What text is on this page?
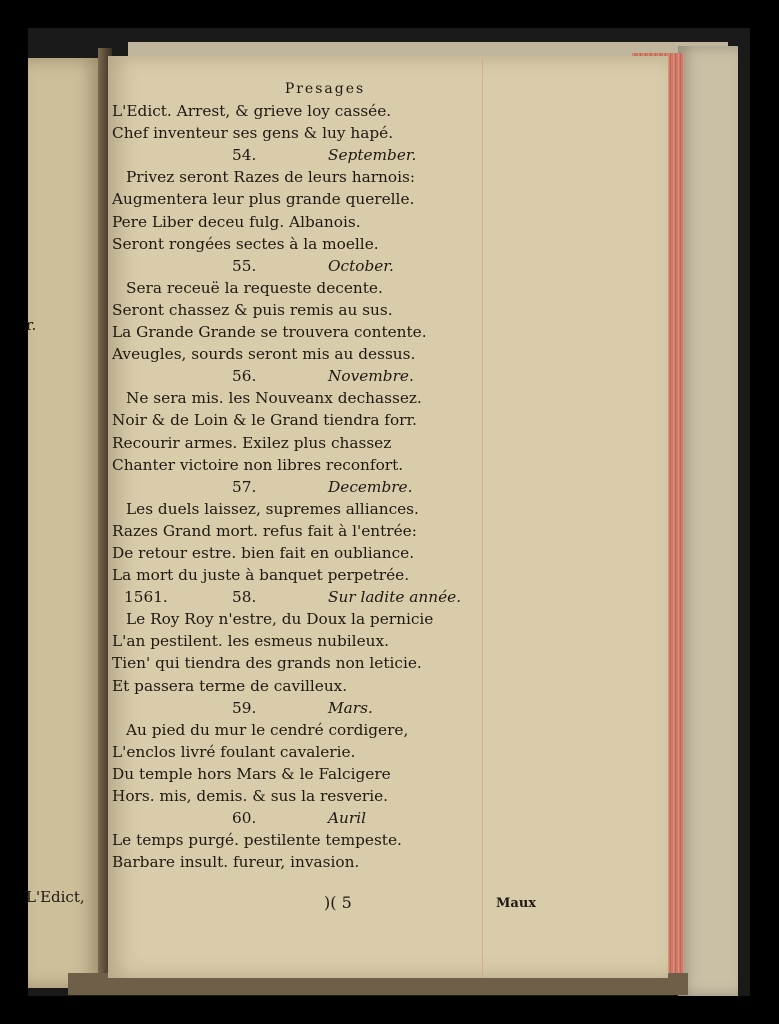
r.
L'Edict,
Presages
L'Edict. Arrest, & grieve loy cassée.
Chef inventeur ses gens & luy hapé.
54.	September.
Privez seront Razes de leurs harnois:
Augmentera leur plus grande querelle.
Pere Liber deceu fulg. Albanois.
Seront rongées sectes à la moelle.
55.	October.
Sera receuë la requeste decente.
Seront chassez & puis remis au sus.
La Grande Grande se trouvera contente.
Aveugles, sourds seront mis au dessus.
56.	Novembre.
Ne sera mis. les Nouveanx dechassez.
Noir & de Loin & le Grand tiendra forr.
Recourir armes. Exilez plus chassez
Chanter victoire non libres reconfort.
57.	Decembre.
Les duels laissez, supremes alliances.
Razes Grand mort. refus fait à l'entrée:
De retour estre. bien fait en oubliance.
La mort du juste à banquet perpetrée.
1561.	58.	Sur ladite année.
Le Roy Roy n'estre, du Doux la pernicie
L'an pestilent. les esmeus nubileux.
Tien' qui tiendra des grands non leticie.
Et passera terme de cavilleux.
59.	Mars.
Au pied du mur le cendré cordigere,
L'enclos livré foulant cavalerie.
Du temple hors Mars & le Falcigere
Hors. mis, demis. & sus la resverie.
60.	Auril
Le temps purgé. pestilente tempeste.
Barbare insult. fureur, invasion.
)( 5	Maux
